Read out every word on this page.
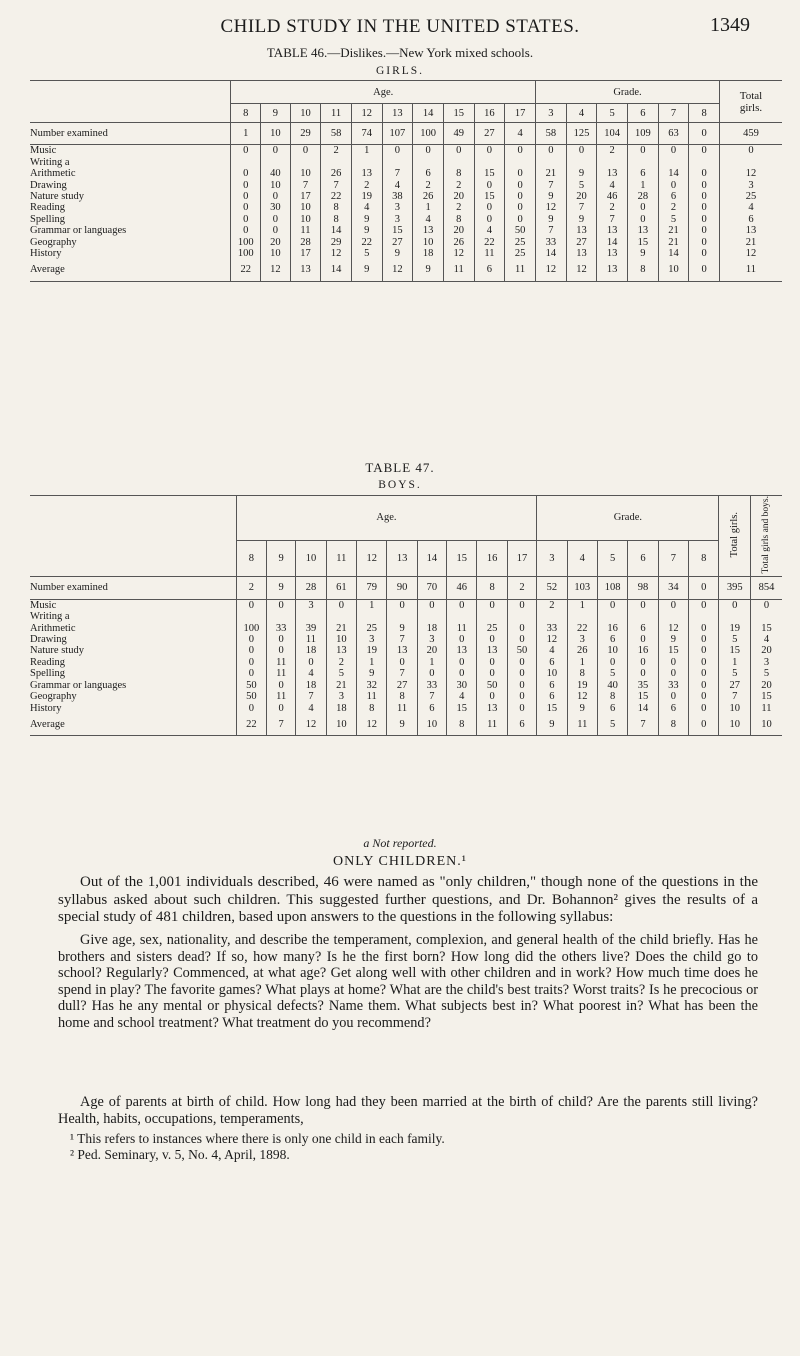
CHILD STUDY IN THE UNITED STATES.	1349
TABLE 46.—Dislikes.—New York mixed schools.
GIRLS.
	Age.										Grade.						Total girls.
	8	9	10	11	12	13	14	15	16	17	3	4	5	6	7	8	

Number examined	1	10	29	58	74	107	100	49	27	4	58	125	104	109	63	0	459

Music	0	0	0	2	1	0	0	0	0	0	0	0	2	0	0	0	0
Writing a																	
Arithmetic	0	40	10	26	13	7	6	8	15	0	21	9	13	6	14	0	12
Drawing	0	10	7	7	2	4	2	2	0	0	7	5	4	1	0	0	3
Nature study	0	0	17	22	19	38	26	20	15	0	9	20	46	28	6	0	25
Reading	0	30	10	8	4	3	1	2	0	0	12	7	2	0	2	0	4
Spelling	0	0	10	8	9	3	4	8	0	0	9	9	7	0	5	0	6
Grammar or languages	0	0	11	14	9	15	13	20	4	50	7	13	13	13	21	0	13
Geography	100	20	28	29	22	27	10	26	22	25	33	27	14	15	21	0	21
History	100	10	17	12	5	9	18	12	11	25	14	13	13	9	14	0	12

Average	22	12	13	14	9	12	9	11	6	11	12	12	13	8	10	0	11

TABLE 47.
BOYS.
	Age.										Grade.						Total girls.	Total girls and boys.
	8	9	10	11	12	13	14	15	16	17	3	4	5	6	7	8		

Number examined	2	9	28	61	79	90	70	46	8	2	52	103	108	98	34	0	395	854

Music	0	0	3	0	1	0	0	0	0	0	2	1	0	0	0	0	0	0
Writing a																		
Arithmetic	100	33	39	21	25	9	18	11	25	0	33	22	16	6	12	0	19	15
Drawing	0	0	11	10	3	7	3	0	0	0	12	3	6	0	9	0	5	4
Nature study	0	0	18	13	19	13	20	13	13	50	4	26	10	16	15	0	15	20
Reading	0	11	0	2	1	0	1	0	0	0	6	1	0	0	0	0	1	3
Spelling	0	11	4	5	9	7	0	0	0	0	10	8	5	0	0	0	5	5
Grammar or languages	50	0	18	21	32	27	33	30	50	0	6	19	40	35	33	0	27	20
Geography	50	11	7	3	11	8	7	4	0	0	6	12	8	15	0	0	7	15
History	0	0	4	18	8	11	6	15	13	0	15	9	6	14	6	0	10	11

Average	22	7	12	10	12	9	10	8	11	6	9	11	5	7	8	0	10	10

a Not reported.
ONLY CHILDREN.¹

Out of the 1,001 individuals described, 46 were named as "only children," though none of the questions in the syllabus asked about such children. This suggested further questions, and Dr. Bohannon² gives the results of a special study of 481 children, based upon answers to the questions in the following syllabus:

Give age, sex, nationality, and describe the temperament, complexion, and general health of the child briefly. Has he brothers and sisters dead? If so, how many? Is he the first born? How long did the others live? Does the child go to school? Regularly? Commenced, at what age? Get along well with other children and in work? How much time does he spend in play? The favorite games? What plays at home? What are the child's best traits? Worst traits? Is he precocious or dull? Has he any mental or physical defects? Name them. What subjects best in? What poorest in? What has been the home and school treatment? What treatment do you recommend?

Age of parents at birth of child. How long had they been married at the birth of child? Are the parents still living? Health, habits, occupations, temperaments,

¹ This refers to instances where there is only one child in each family.

² Ped. Seminary, v. 5, No. 4, April, 1898.
